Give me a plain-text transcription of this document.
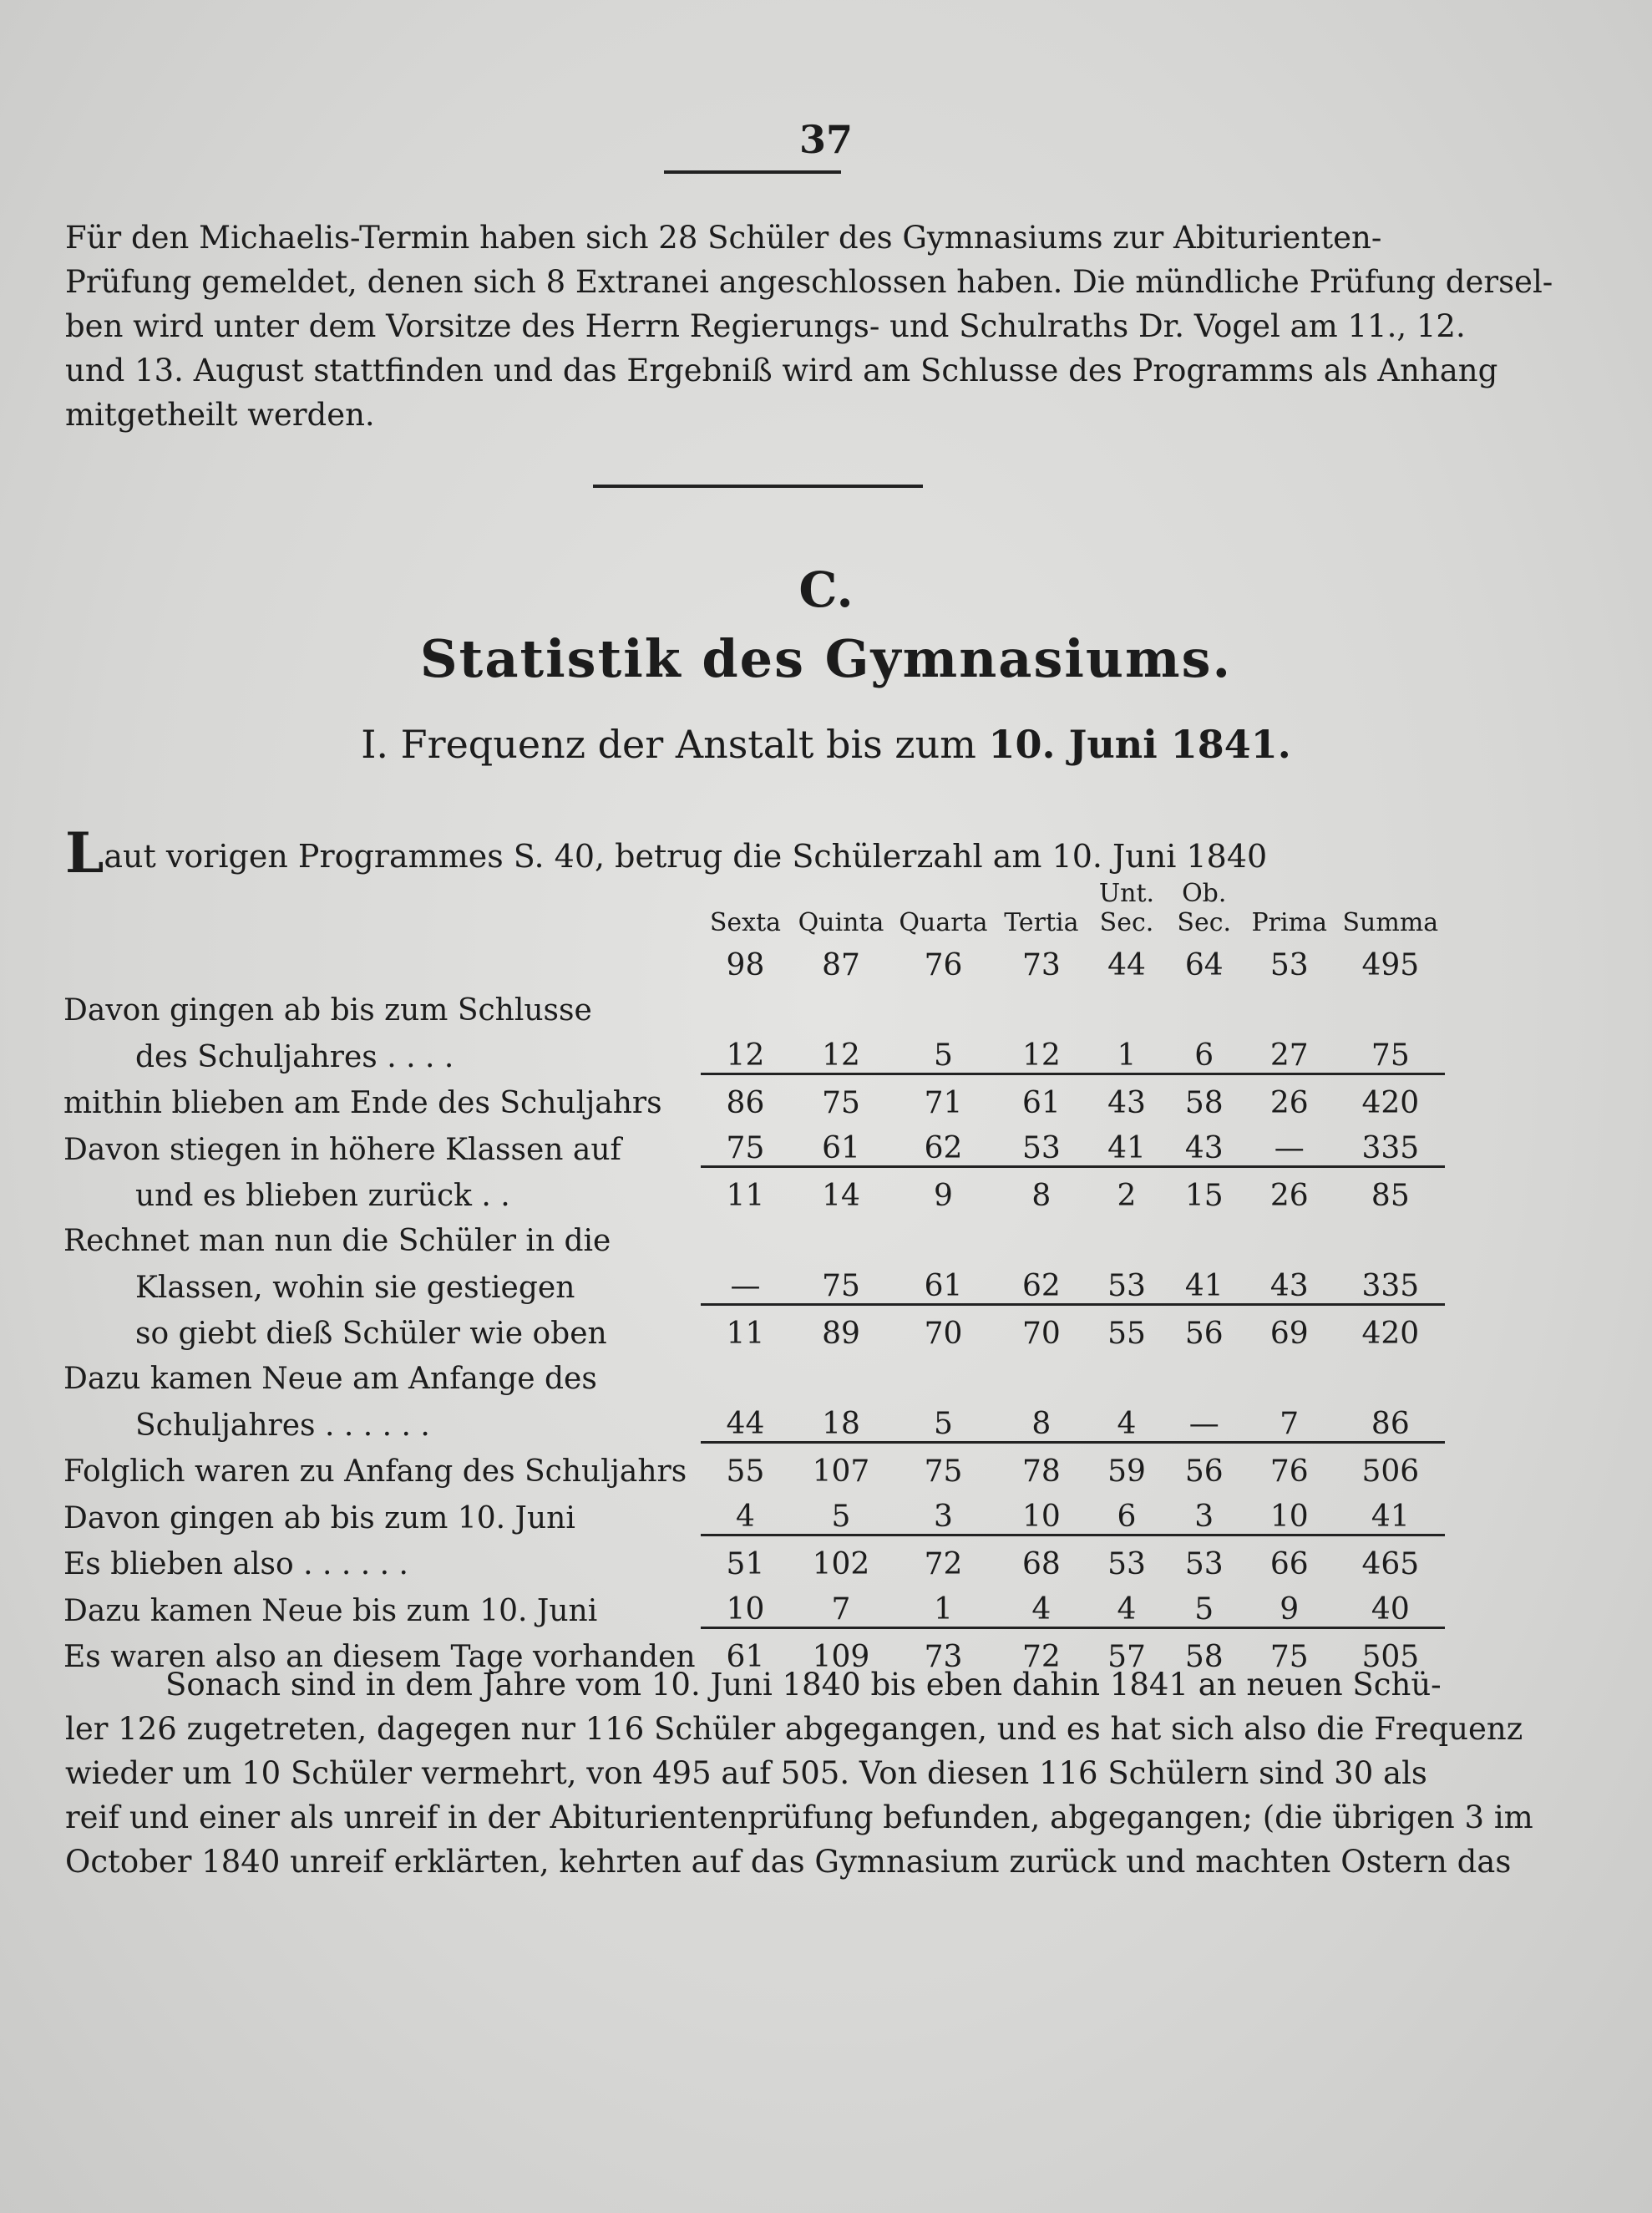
37
Für den Michaelis-Termin haben sich 28 Schüler des Gymnasiums zur Abiturienten-
Prüfung gemeldet, denen sich 8 Extranei angeschlossen haben. Die mündliche Prüfung dersel-
ben wird unter dem Vorsitze des Herrn Regierungs- und Schulraths Dr. Vogel am 11., 12.
und 13. August stattfinden und das Ergebniß wird am Schlusse des Programms als Anhang
mitgetheilt werden.
C.
Statistik des Gymnasiums.
I. Frequenz der Anstalt bis zum 10. Juni 1841.
Laut vorigen Programmes S. 40, betrug die Schülerzahl am 10. Juni 1840
	Sexta	Quinta	Quarta	Tertia	Unt. Sec.	Ob. Sec.	Prima	Summa
	98	87	76	73	44	64	53	495
Davon gingen ab bis zum Schlusse								
des Schuljahres . . . .	12	12	5	12	1	6	27	75
mithin blieben am Ende des Schuljahrs	86	75	71	61	43	58	26	420
Davon stiegen in höhere Klassen auf	75	61	62	53	41	43	—	335
und es blieben zurück . .	11	14	9	8	2	15	26	85
Rechnet man nun die Schüler in die								
Klassen, wohin sie gestiegen	—	75	61	62	53	41	43	335
so giebt dieß Schüler wie oben	11	89	70	70	55	56	69	420
Dazu kamen Neue am Anfange des								
Schuljahres . . . . . .	44	18	5	8	4	—	7	86
Folglich waren zu Anfang des Schuljahrs	55	107	75	78	59	56	76	506
Davon gingen ab bis zum 10. Juni	4	5	3	10	6	3	10	41
Es blieben also . . . . . .	51	102	72	68	53	53	66	465
Dazu kamen Neue bis zum 10. Juni	10	7	1	4	4	5	9	40
Es waren also an diesem Tage vorhanden	61	109	73	72	57	58	75	505
Sonach sind in dem Jahre vom 10. Juni 1840 bis eben dahin 1841 an neuen Schü-
ler 126 zugetreten, dagegen nur 116 Schüler abgegangen, und es hat sich also die Frequenz
wieder um 10 Schüler vermehrt, von 495 auf 505. Von diesen 116 Schülern sind 30 als
reif und einer als unreif in der Abiturientenprüfung befunden, abgegangen; (die übrigen 3 im
October 1840 unreif erklärten, kehrten auf das Gymnasium zurück und machten Ostern das
